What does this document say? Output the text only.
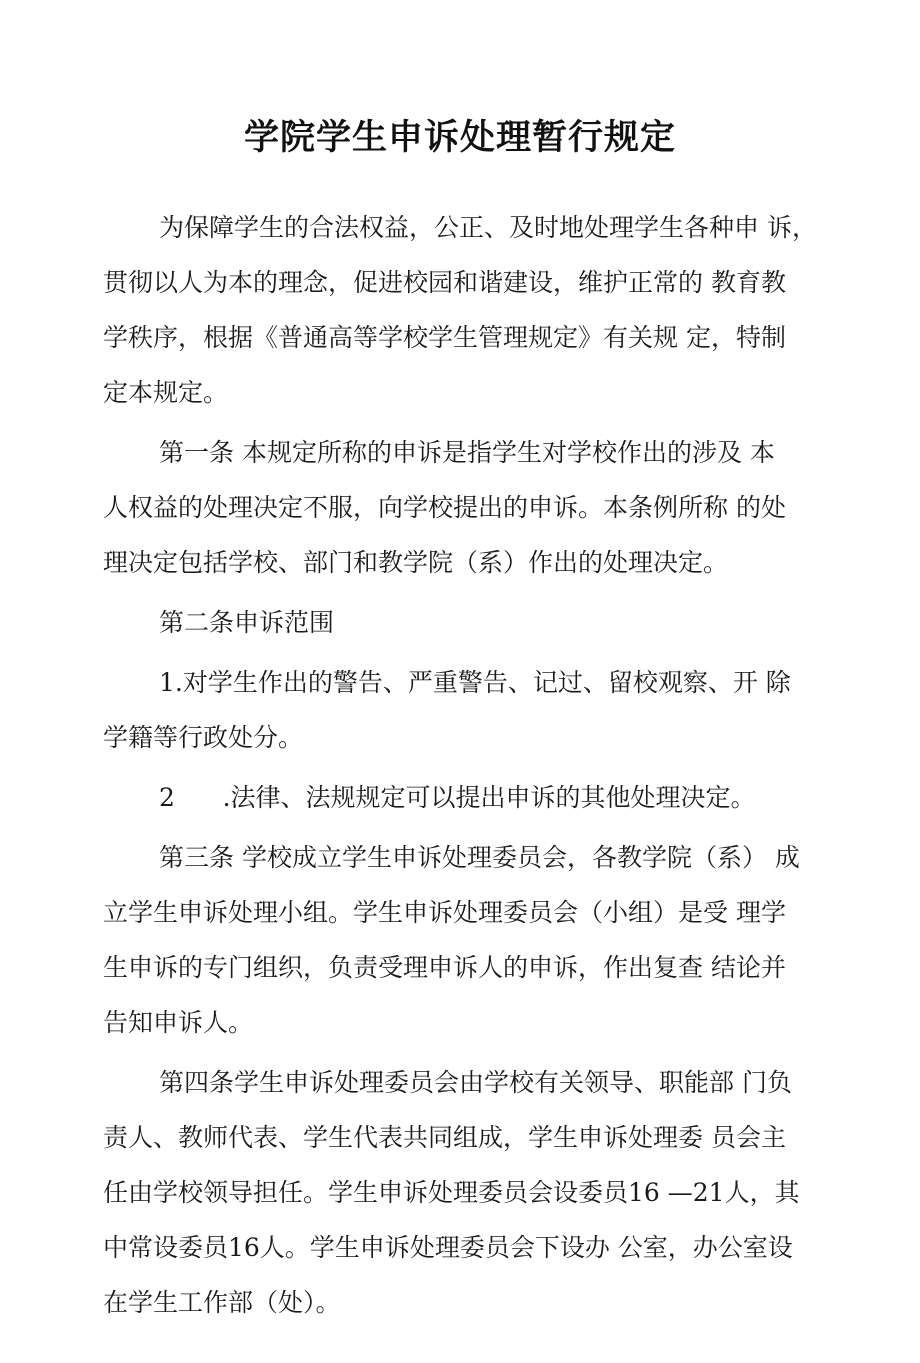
学院学生申诉处理暂行规定

为保障学生的合法权益，公正、及时地处理学生各种申 诉，
贯彻以人为本的理念，促进校园和谐建设，维护正常的 教育教
学秩序，根据《普通高等学校学生管理规定》有关规 定，特制
定本规定。

第一条 本规定所称的申诉是指学生对学校作出的涉及 本
人权益的处理决定不服，向学校提出的申诉。本条例所称 的处
理决定包括学校、部门和教学院（系）作出的处理决定。

第二条申诉范围

1.对学生作出的警告、严重警告、记过、留校观察、开 除
学籍等行政处分。

2      .法律、法规规定可以提出申诉的其他处理决定。

第三条 学校成立学生申诉处理委员会，各教学院（系） 成
立学生申诉处理小组。学生申诉处理委员会（小组）是受 理学
生申诉的专门组织，负责受理申诉人的申诉，作出复查 结论并
告知申诉人。

第四条学生申诉处理委员会由学校有关领导、职能部 门负
责人、教师代表、学生代表共同组成，学生申诉处理委 员会主
任由学校领导担任。学生申诉处理委员会设委员16 —21人，其
中常设委员16人。学生申诉处理委员会下设办 公室，办公室设
在学生工作部（处）。
